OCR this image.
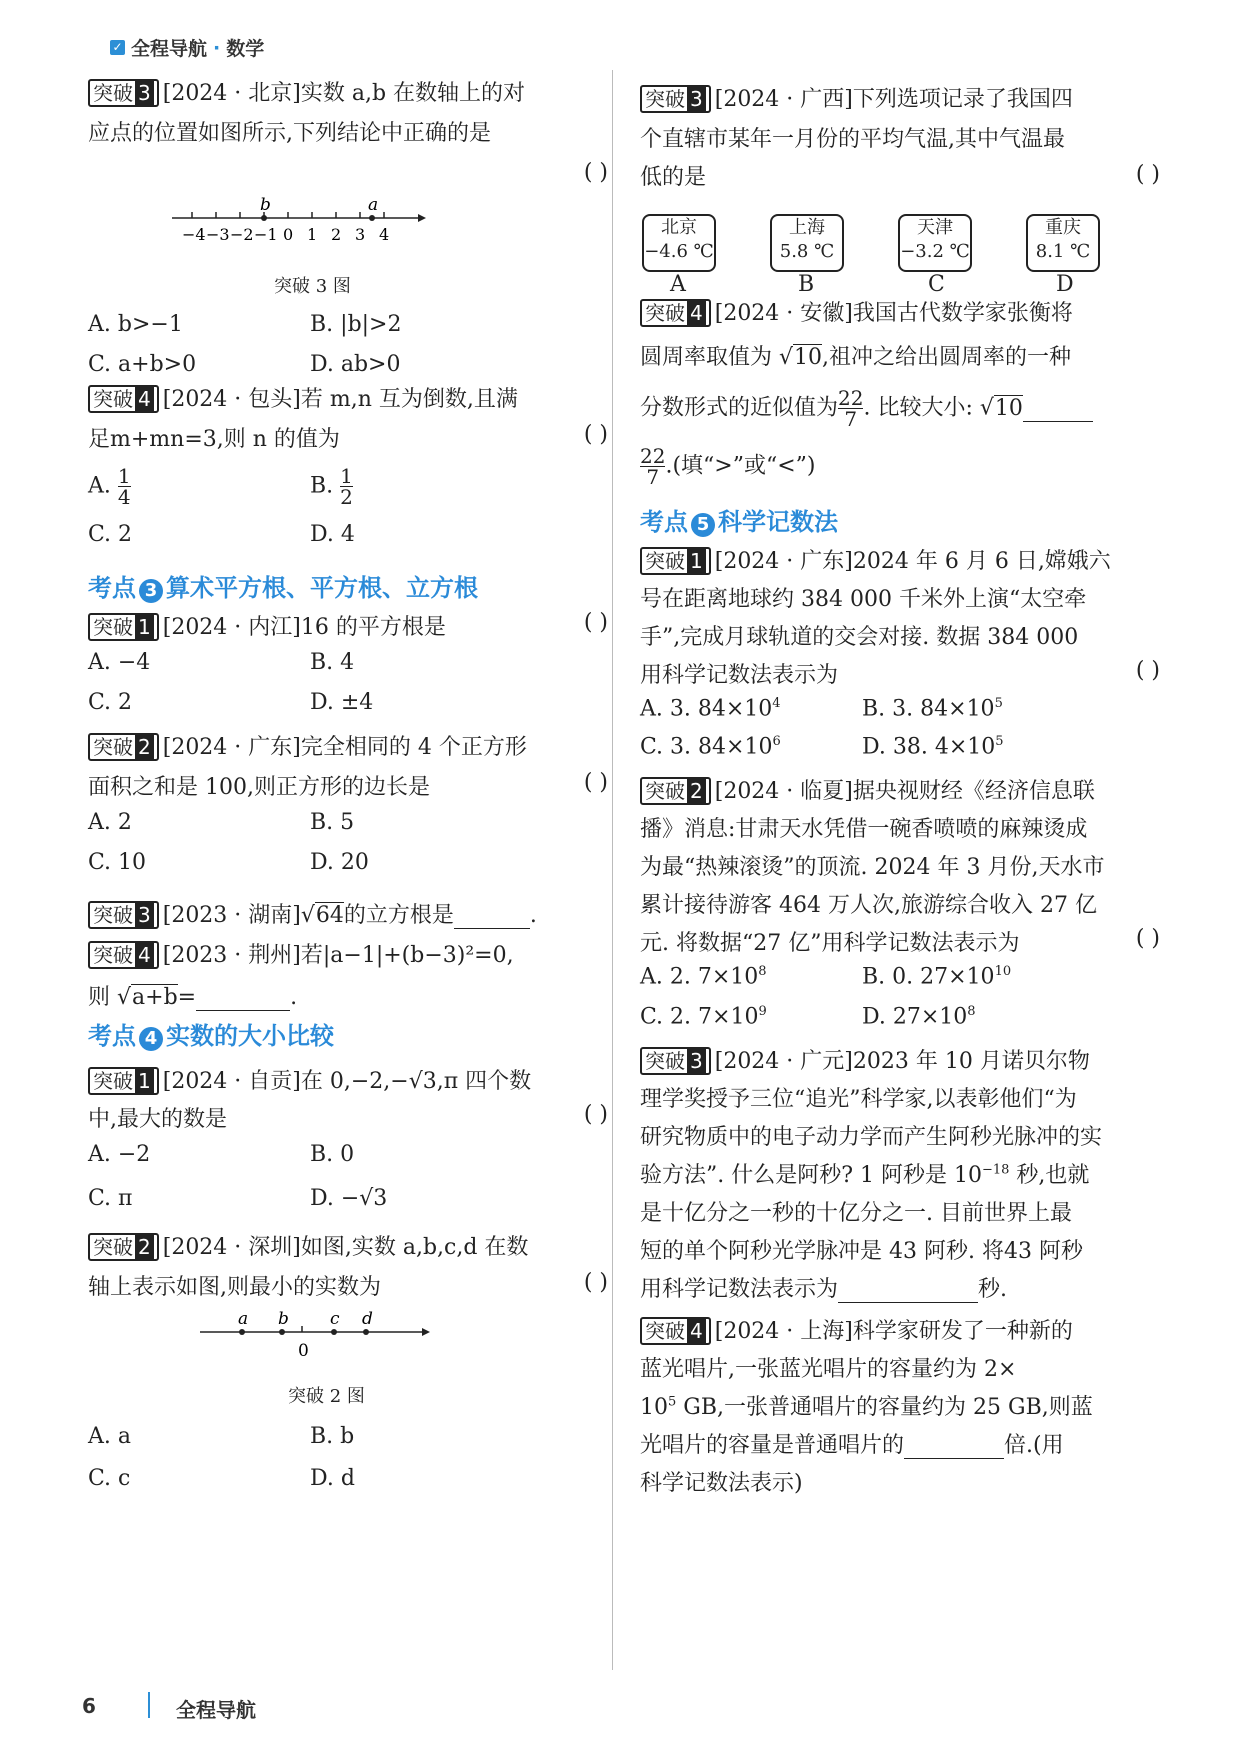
✓ 全程导航 · 数学
突破 3 [2024 · 北京]实数 a,b 在数轴上的对
应点的位置如图所示,下列结论中正确的是
( )
−4 −3 −2 −1 0 1 2 3 4
b	a
突破 3 图
A. b>−1	B. |b|>2
C. a+b>0	D. ab>0
突破 4 [2024 · 包头]若 m,n 互为倒数,且满
足m+mn=3,则 n 的值为	( )
A. $\frac{1}{4}$	B. $\frac{1}{2}$
C. 2	D. 4
考点 3 算术平方根、平方根、立方根
突破 1 [2024 · 内江]16 的平方根是	( )
A. −4	B. 4
C. 2	D. ±4
突破 2 [2024 · 广东]完全相同的 4 个正方形
面积之和是 100,则正方形的边长是	( )
A. 2	B. 5
C. 10	D. 20
突破 3 [2023 · 湖南]√64的立方根是	.
突破 4 [2023 · 荆州]若|a−1|+(b−3)²=0,
则 √a+b=	.
考点 4 实数的大小比较
突破 1 [2024 · 自贡]在 0,−2,−√3,π 四个数
中,最大的数是	( )
A. −2	B. 0
C. π	D. −√3
突破 2 [2024 · 深圳]如图,实数 a,b,c,d 在数
轴上表示如图,则最小的实数为	( )
a b c d
0
突破 2 图
A. a	B. b
C. c	D. d
突破 3 [2024 · 广西]下列选项记录了我国四
个直辖市某年一月份的平均气温,其中气温最
低的是	( )
北京
−4.6 ℃
上海
5.8 ℃
天津
−3.2 ℃
重庆
8.1 ℃
A	B	C	D
突破 4 [2024 · 安徽]我国古代数学家张衡将
圆周率取值为 √10,祖冲之给出圆周率的一种
分数形式的近似值为 $\frac{22}{7}$ . 比较大小: √10
$\frac{22}{7}$ .(填“>”或“<”)
考点 5 科学记数法
突破 1 [2024 · 广东]2024 年 6 月 6 日,嫦娥六
号在距离地球约 384 000 千米外上演“太空牵
手”,完成月球轨道的交会对接. 数据 384 000
用科学记数法表示为	( )
A. 3. $84\times 10^4$	B. 3. $84\times 10^5$
C. 3. $84\times 10^6$	D. 38. $4\times 10^5$
突破 2 [2024 · 临夏]据央视财经《经济信息联
播》消息:甘肃天水凭借一碗香喷喷的麻辣烫成
为最“热辣滚烫”的顶流. 2024 年 3 月份,天水市
累计接待游客 464 万人次,旅游综合收入 27 亿
元. 将数据“27 亿”用科学记数法表示为	( )
A. 2. $7\times 10^8$	B. 0. $27\times 10^{10}$
C. 2. $7\times 10^9$	D. $27\times 10^8$
突破 3 [2024 · 广元]2023 年 10 月诺贝尔物
理学奖授予三位“追光”科学家,以表彰他们“为
研究物质中的电子动力学而产生阿秒光脉冲的实
验方法”. 什么是阿秒? 1 阿秒是 $10^{-18}$ 秒,也就
是十亿分之一秒的十亿分之一. 目前世界上最
短的单个阿秒光学脉冲是 43 阿秒. 将43 阿秒
用科学记数法表示为	秒.
突破 4 [2024 · 上海]科学家研发了一种新的
蓝光唱片,一张蓝光唱片的容量约为 2×
$10^5$ GB,一张普通唱片的容量约为 25 GB,则蓝
光唱片的容量是普通唱片的	倍.(用
科学记数法表示)
6	全程导航
